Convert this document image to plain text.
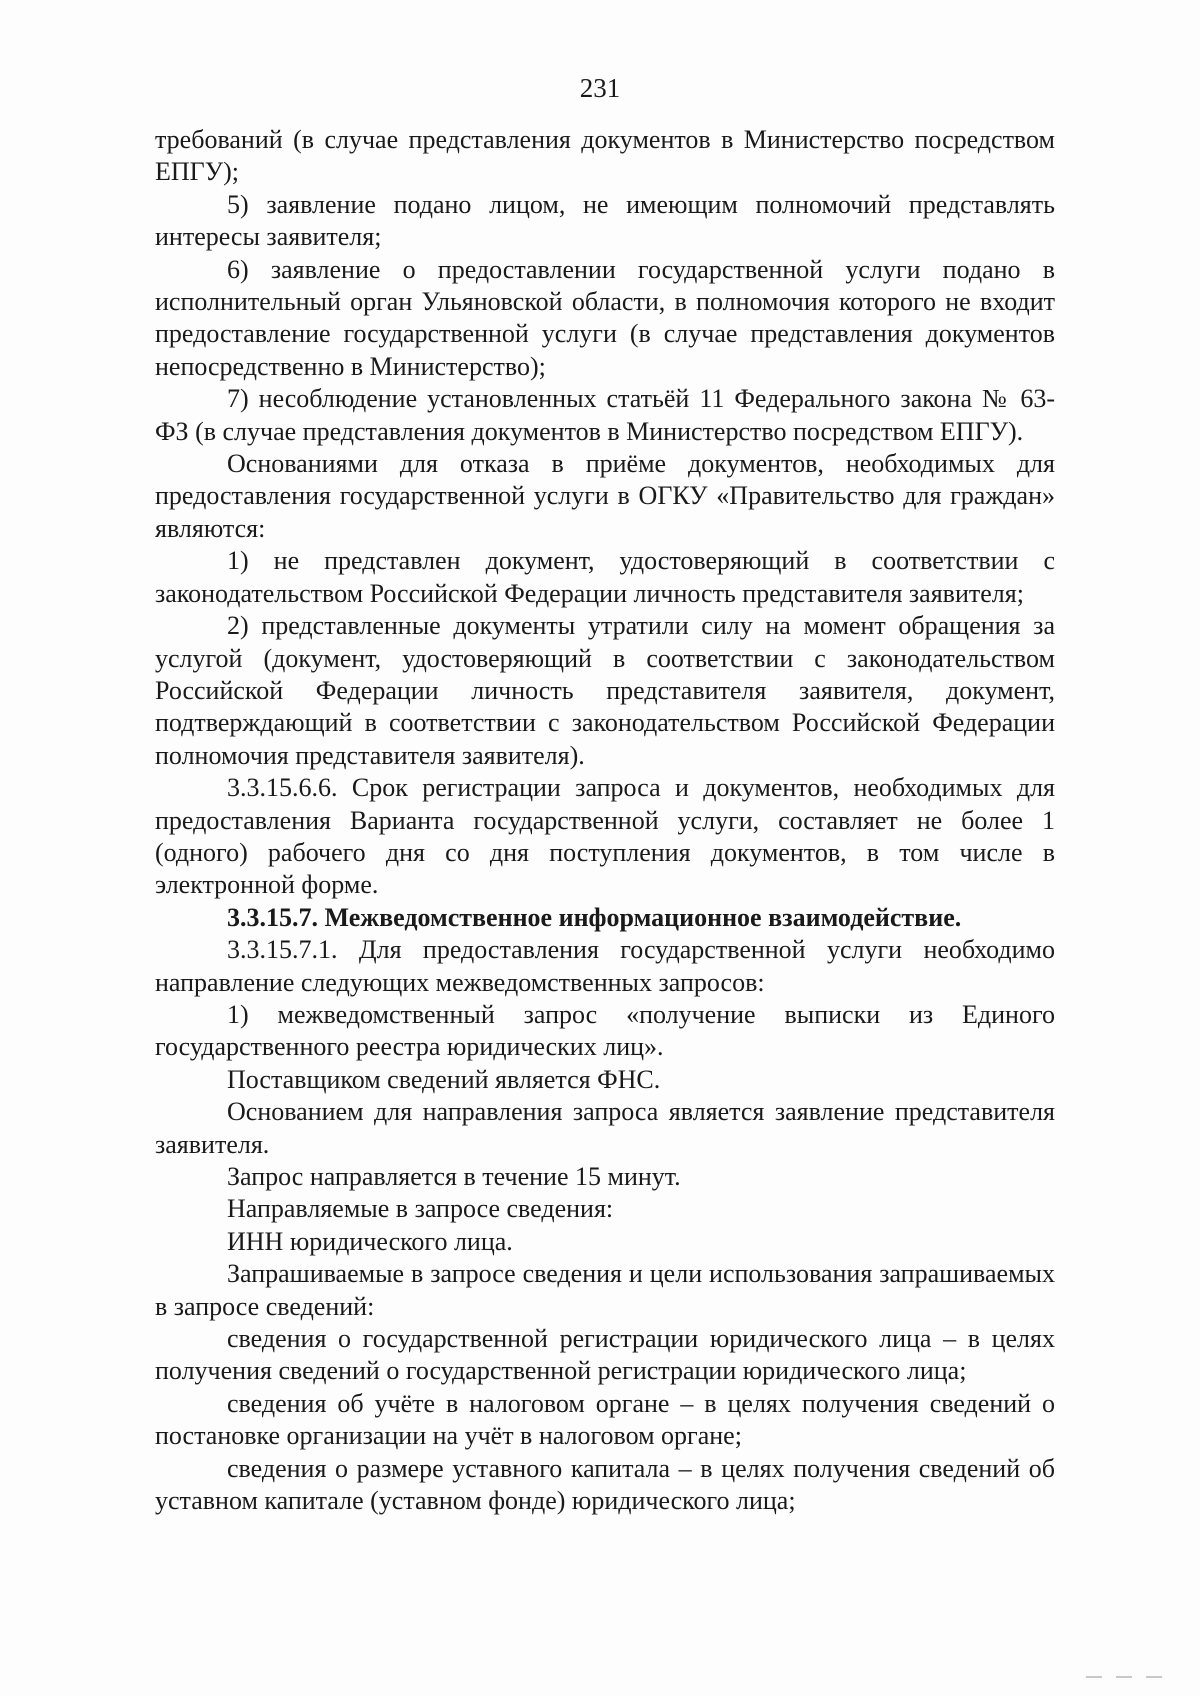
231

требований (в случае представления документов в Министерство посредством ЕПГУ);

5) заявление подано лицом, не имеющим полномочий представлять интересы заявителя;

6) заявление о предоставлении государственной услуги подано в исполнительный орган Ульяновской области, в полномочия которого не входит предоставление государственной услуги (в случае представления документов непосредственно в Министерство);

7) несоблюдение установленных статьёй 11 Федерального закона № 63-ФЗ (в случае представления документов в Министерство посредством ЕПГУ).

Основаниями для отказа в приёме документов, необходимых для предоставления государственной услуги в ОГКУ «Правительство для граждан» являются:

1) не представлен документ, удостоверяющий в соответствии с законодательством Российской Федерации личность представителя заявителя;

2) представленные документы утратили силу на момент обращения за услугой (документ, удостоверяющий в соответствии с законодательством Российской Федерации личность представителя заявителя, документ, подтверждающий в соответствии с законодательством Российской Федерации полномочия представителя заявителя).

3.3.15.6.6. Срок регистрации запроса и документов, необходимых для предоставления Варианта государственной услуги, составляет не более 1 (одного) рабочего дня со дня поступления документов, в том числе в электронной форме.

3.3.15.7. Межведомственное информационное взаимодействие.

3.3.15.7.1. Для предоставления государственной услуги необходимо направление следующих межведомственных запросов:

1) межведомственный запрос «получение выписки из Единого государственного реестра юридических лиц».

Поставщиком сведений является ФНС.

Основанием для направления запроса является заявление представителя заявителя.

Запрос направляется в течение 15 минут.

Направляемые в запросе сведения:

ИНН юридического лица.

Запрашиваемые в запросе сведения и цели использования запрашиваемых в запросе сведений:

сведения о государственной регистрации юридического лица – в целях получения сведений о государственной регистрации юридического лица;

сведения об учёте в налоговом органе – в целях получения сведений о постановке организации на учёт в налоговом органе;

сведения о размере уставного капитала – в целях получения сведений об уставном капитале (уставном фонде) юридического лица;
